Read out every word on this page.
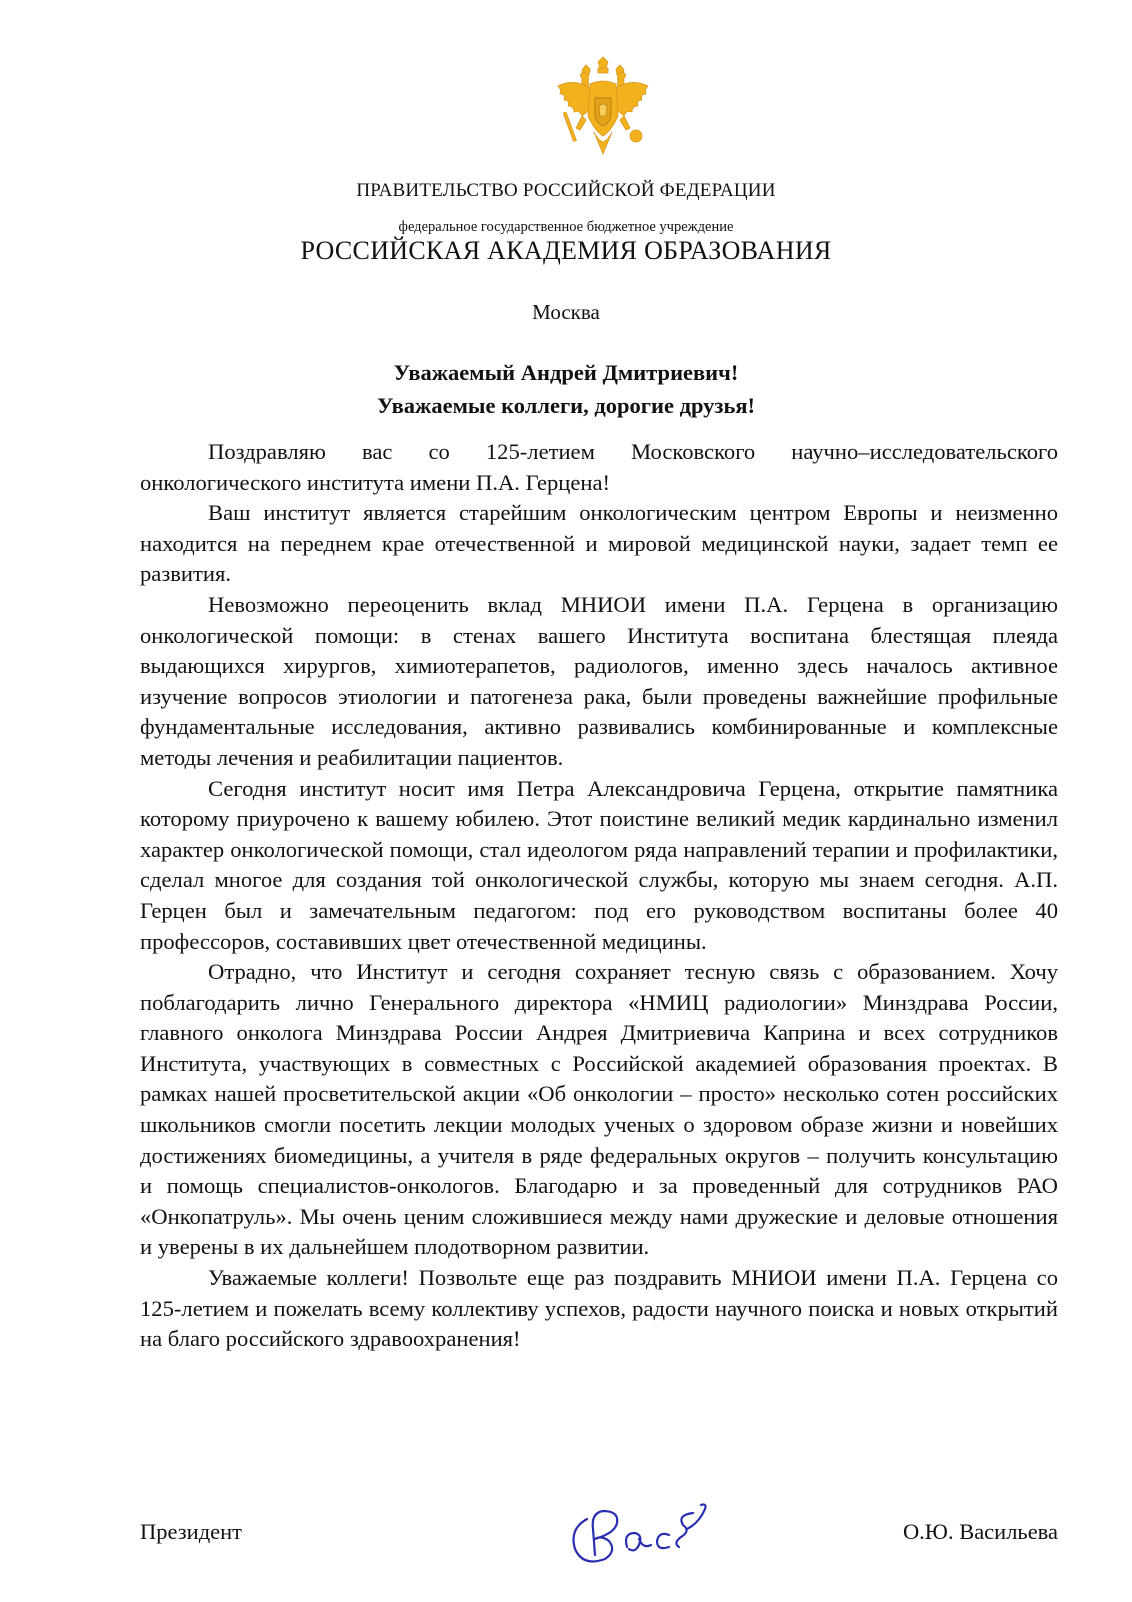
ПРАВИТЕЛЬСТВО РОССИЙСКОЙ ФЕДЕРАЦИИ
федеральное государственное бюджетное учреждение
РОССИЙСКАЯ АКАДЕМИЯ ОБРАЗОВАНИЯ
Москва
Уважаемый Андрей Дмитриевич!
Уважаемые коллеги, дорогие друзья!

Поздравляю вас со 125-летием Московского научно–исследовательского онкологического института имени П.А. Герцена!

Ваш институт является старейшим онкологическим центром Европы и неизменно находится на переднем крае отечественной и мировой медицинской науки, задает темп ее развития.

Невозможно переоценить вклад МНИОИ имени П.А. Герцена в организацию онкологической помощи: в стенах вашего Института воспитана блестящая плеяда выдающихся хирургов, химиотерапетов, радиологов, именно здесь началось активное изучение вопросов этиологии и патогенеза рака, были проведены важнейшие профильные фундаментальные исследования, активно развивались комбинированные и комплексные методы лечения и реабилитации пациентов.

Сегодня институт носит имя Петра Александровича Герцена, открытие памятника которому приурочено к вашему юбилею. Этот поистине великий медик кардинально изменил характер онкологической помощи, стал идеологом ряда направлений терапии и профилактики, сделал многое для создания той онкологической службы, которую мы знаем сегодня. А.П. Герцен был и замечательным педагогом: под его руководством воспитаны более 40 профессоров, составивших цвет отечественной медицины.

Отрадно, что Институт и сегодня сохраняет тесную связь с образованием. Хочу поблагодарить лично Генерального директора «НМИЦ радиологии» Минздрава России, главного онколога Минздрава России Андрея Дмитриевича Каприна и всех сотрудников Института, участвующих в совместных с Российской академией образования проектах. В рамках нашей просветительской акции «Об онкологии – просто» несколько сотен российских школьников смогли посетить лекции молодых ученых о здоровом образе жизни и новейших достижениях биомедицины, а учителя в ряде федеральных округов – получить консультацию и помощь специалистов-онкологов. Благодарю и за проведенный для сотрудников РАО «Онкопатруль». Мы очень ценим сложившиеся между нами дружеские и деловые отношения и уверены в их дальнейшем плодотворном развитии.

Уважаемые коллеги! Позвольте еще раз поздравить МНИОИ имени П.А. Герцена со 125-летием и пожелать всему коллективу успехов, радости научного поиска и новых открытий на благо российского здравоохранения!

Президент	О.Ю. Васильева
